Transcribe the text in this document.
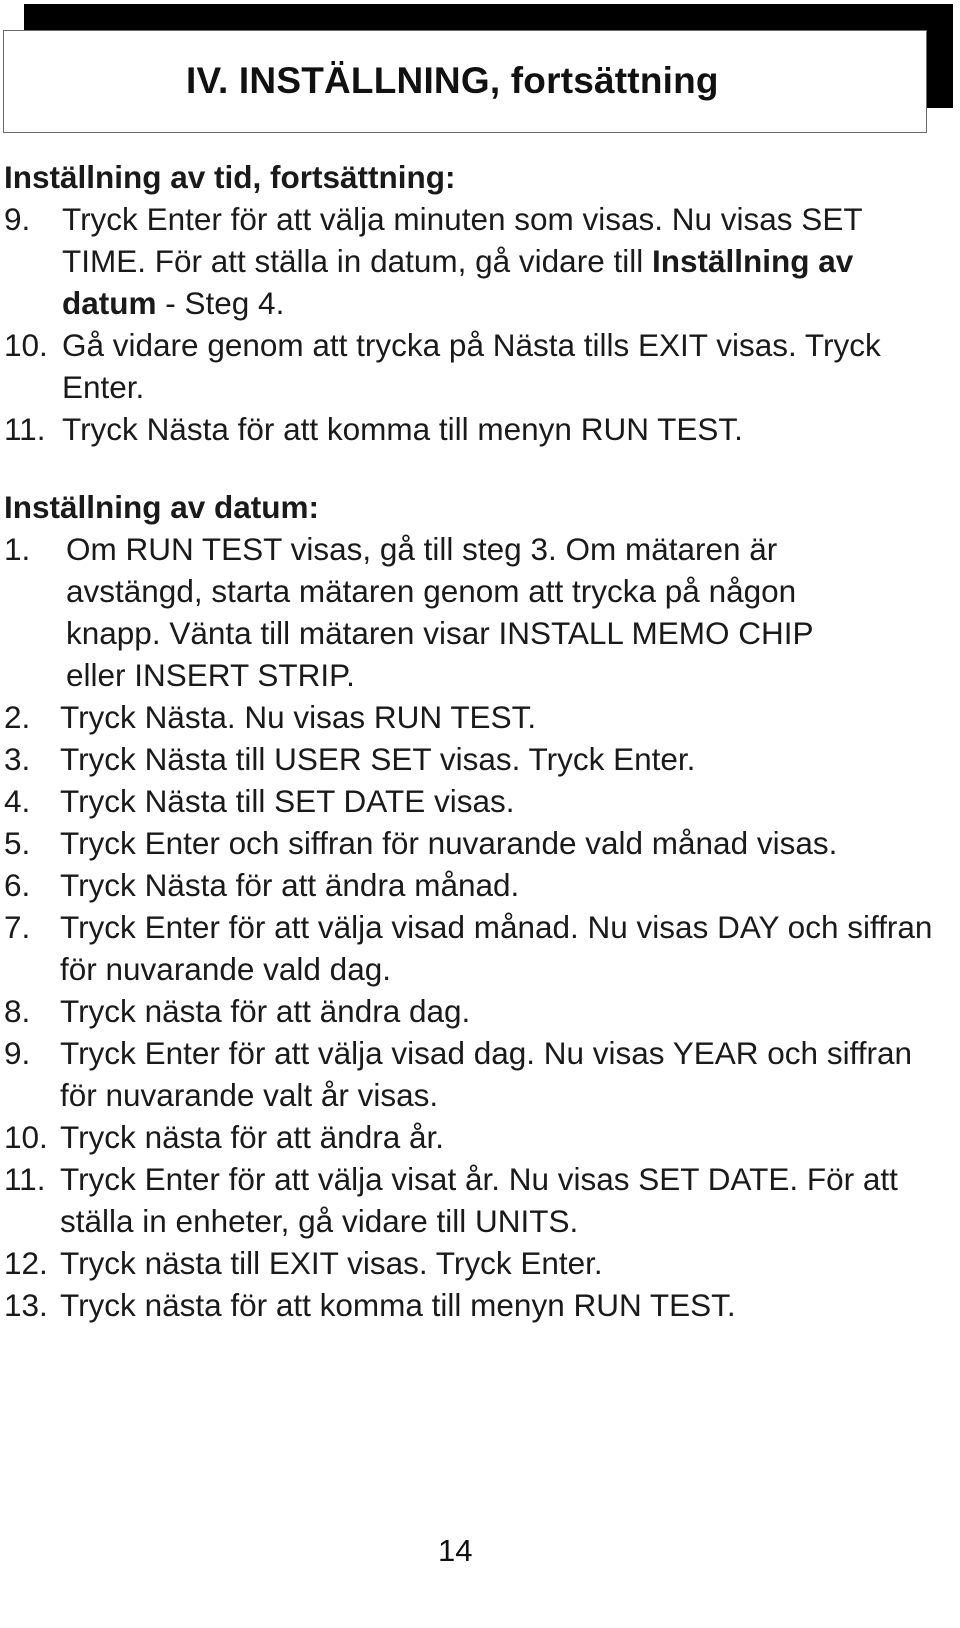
IV. INSTÄLLNING, fortsättning
Inställning av tid, fortsättning:
9.	Tryck Enter för att välja minuten som visas. Nu visas SET TIME. För att ställa in datum, gå vidare till Inställning av datum - Steg 4.
10. Gå vidare genom att trycka på Nästa tills EXIT visas. Tryck Enter.
11. Tryck Nästa för att komma till menyn RUN TEST.
Inställning av datum:
1.	Om RUN TEST visas, gå till steg 3. Om mätaren är avstängd, starta mätaren genom att trycka på någon knapp. Vänta till mätaren visar INSTALL MEMO CHIP eller INSERT STRIP.
2. Tryck Nästa. Nu visas RUN TEST.
3. Tryck Nästa till USER SET visas. Tryck Enter.
4. Tryck Nästa till SET DATE visas.
5. Tryck Enter och siffran för nuvarande vald månad visas.
6. Tryck Nästa för att ändra månad.
7. Tryck Enter för att välja visad månad. Nu visas DAY och siffran för nuvarande vald dag.
8. Tryck nästa för att ändra dag.
9. Tryck Enter för att välja visad dag. Nu visas YEAR och siffran för nuvarande valt år visas.
10. Tryck nästa för att ändra år.
11. Tryck Enter för att välja visat år. Nu visas SET DATE. För att ställa in enheter, gå vidare till UNITS.
12. Tryck nästa till EXIT visas. Tryck Enter.
13. Tryck nästa för att komma till menyn RUN TEST.
14
